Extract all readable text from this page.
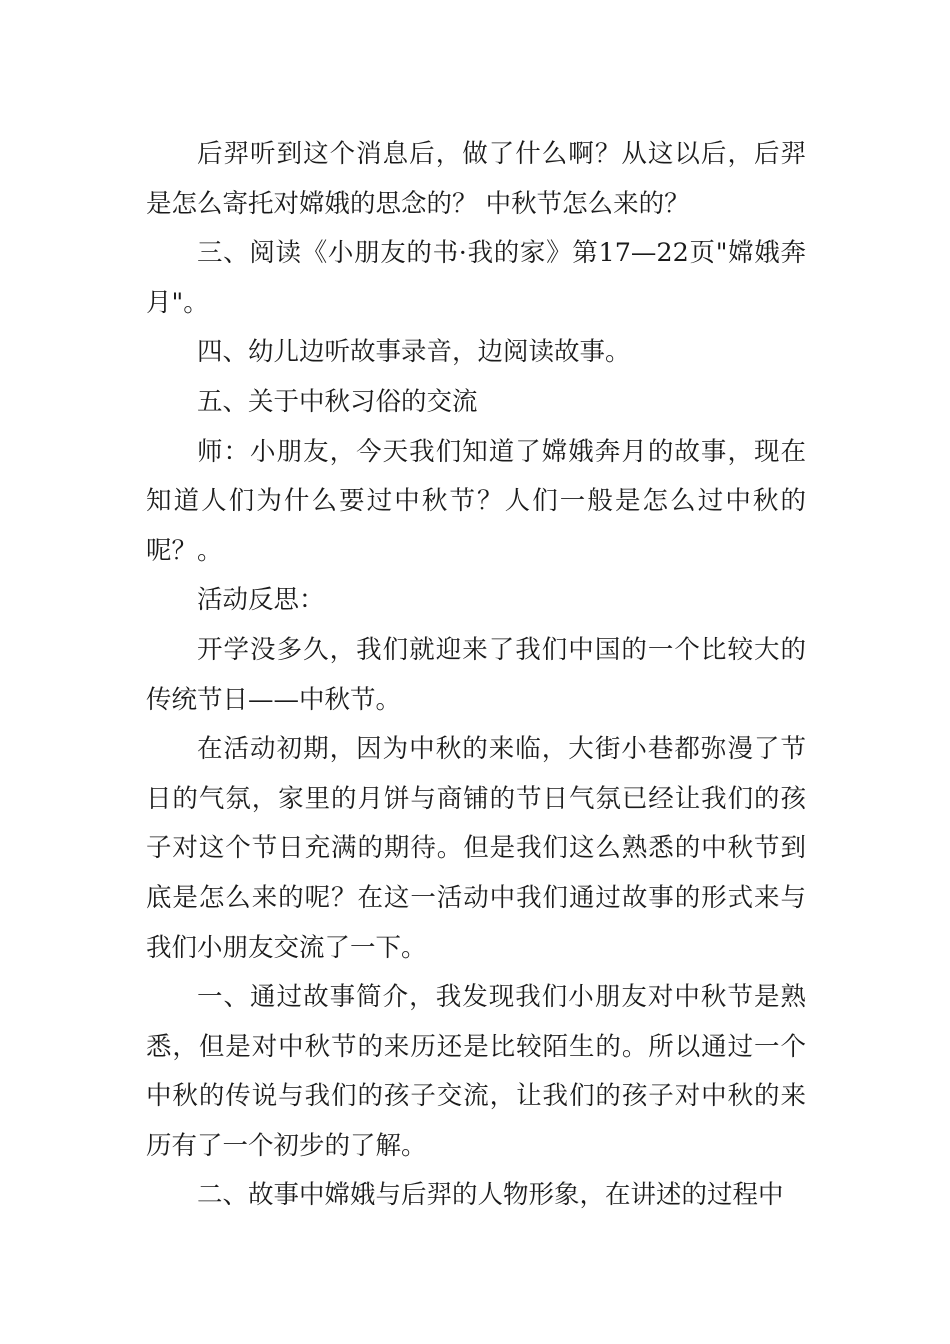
后羿听到这个消息后，做了什么啊？从这以后，后羿是怎么寄托对嫦娥的思念的？ 中秋节怎么来的？

三、阅读《小朋友的书·我的家》第17—22页"嫦娥奔月"。

四、幼儿边听故事录音，边阅读故事。

五、关于中秋习俗的交流

师：小朋友，今天我们知道了嫦娥奔月的故事，现在知道人们为什么要过中秋节？人们一般是怎么过中秋的呢？。

活动反思：

开学没多久，我们就迎来了我们中国的一个比较大的传统节日——中秋节。

在活动初期，因为中秋的来临，大街小巷都弥漫了节日的气氛，家里的月饼与商铺的节日气氛已经让我们的孩子对这个节日充满的期待。但是我们这么熟悉的中秋节到底是怎么来的呢？在这一活动中我们通过故事的形式来与我们小朋友交流了一下。

一、通过故事简介，我发现我们小朋友对中秋节是熟悉，但是对中秋节的来历还是比较陌生的。所以通过一个中秋的传说与我们的孩子交流，让我们的孩子对中秋的来历有了一个初步的了解。

二、故事中嫦娥与后羿的人物形象，在讲述的过程中
